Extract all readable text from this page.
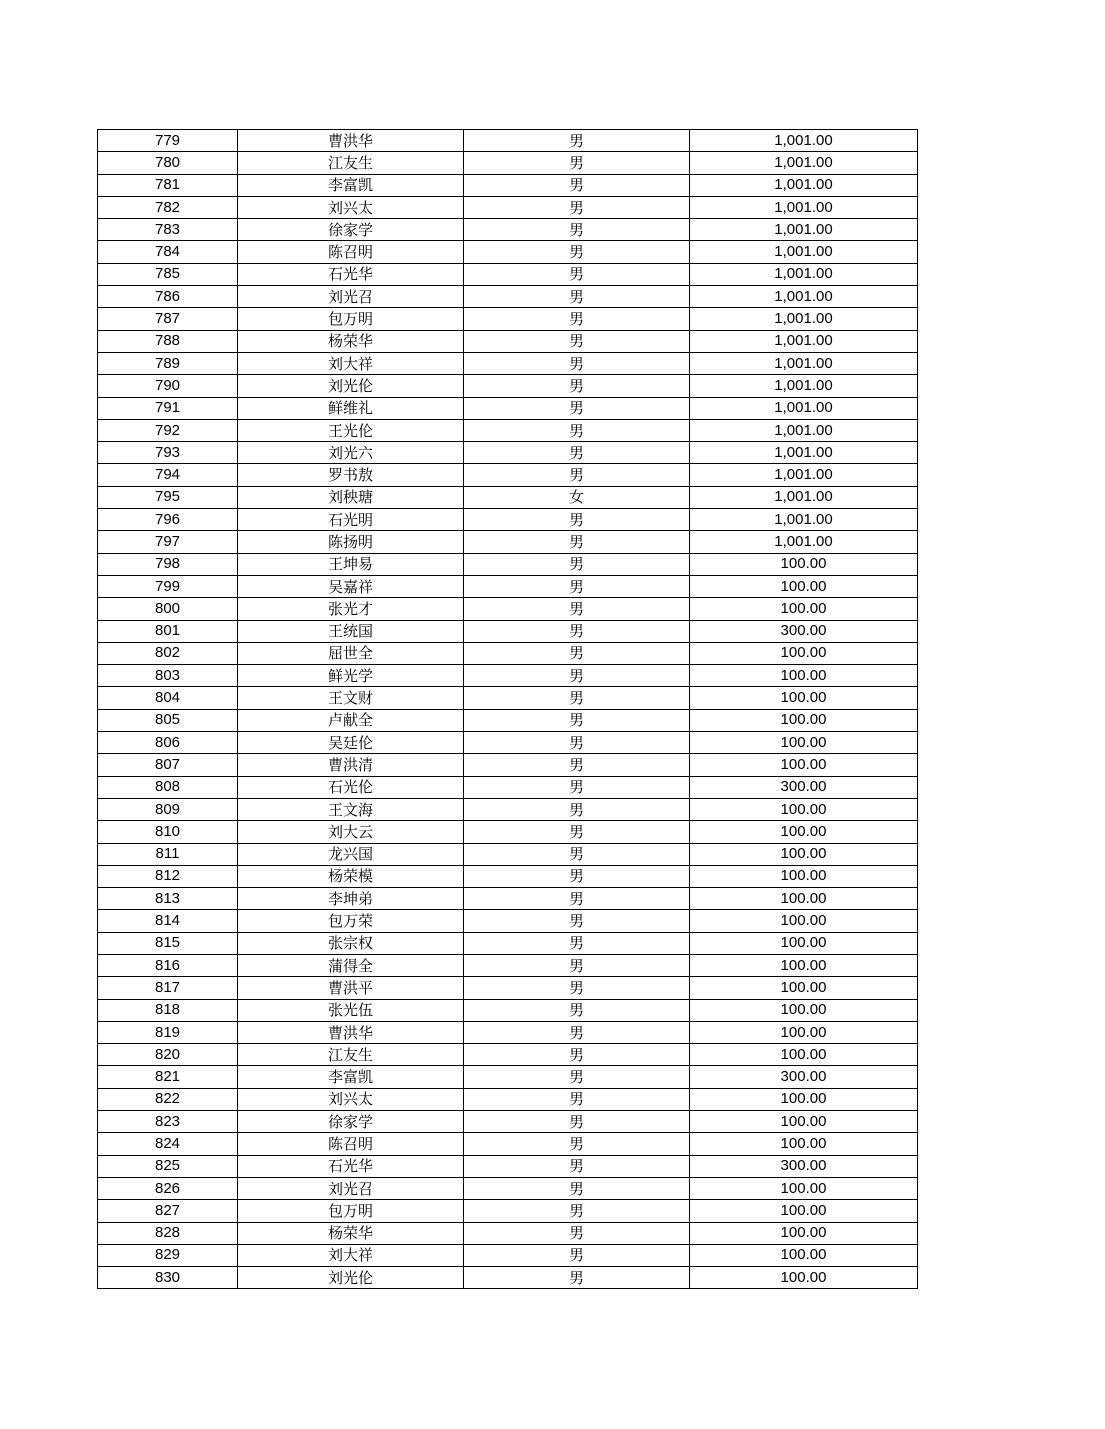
779	曹洪华	男	1,001.00
780	江友生	男	1,001.00
781	李富凯	男	1,001.00
782	刘兴太	男	1,001.00
783	徐家学	男	1,001.00
784	陈召明	男	1,001.00
785	石光华	男	1,001.00
786	刘光召	男	1,001.00
787	包万明	男	1,001.00
788	杨荣华	男	1,001.00
789	刘大祥	男	1,001.00
790	刘光伦	男	1,001.00
791	鲜维礼	男	1,001.00
792	王光伦	男	1,001.00
793	刘光六	男	1,001.00
794	罗书敖	男	1,001.00
795	刘秧瑭	女	1,001.00
796	石光明	男	1,001.00
797	陈扬明	男	1,001.00
798	王坤易	男	100.00
799	吴嘉祥	男	100.00
800	张光才	男	100.00
801	王统国	男	300.00
802	屈世全	男	100.00
803	鲜光学	男	100.00
804	王文财	男	100.00
805	卢献全	男	100.00
806	吴廷伦	男	100.00
807	曹洪清	男	100.00
808	石光伦	男	300.00
809	王文海	男	100.00
810	刘大云	男	100.00
811	龙兴国	男	100.00
812	杨荣模	男	100.00
813	李坤弟	男	100.00
814	包万荣	男	100.00
815	张宗权	男	100.00
816	蒲得全	男	100.00
817	曹洪平	男	100.00
818	张光伍	男	100.00
819	曹洪华	男	100.00
820	江友生	男	100.00
821	李富凯	男	300.00
822	刘兴太	男	100.00
823	徐家学	男	100.00
824	陈召明	男	100.00
825	石光华	男	300.00
826	刘光召	男	100.00
827	包万明	男	100.00
828	杨荣华	男	100.00
829	刘大祥	男	100.00
830	刘光伦	男	100.00
